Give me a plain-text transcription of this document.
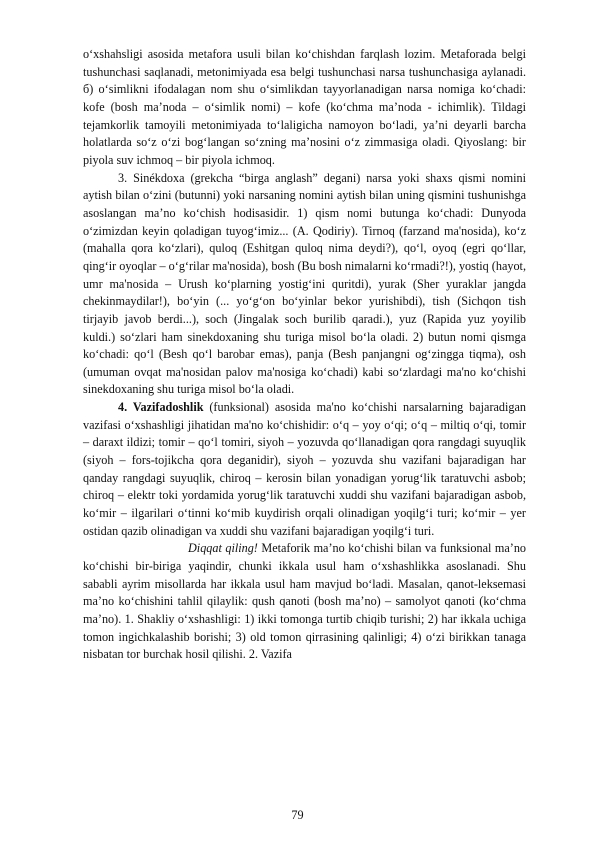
o‘xshahsligi asosida metafora usuli bilan ko‘chishdan farqlash lozim. Metaforada belgi tushunchasi saqlanadi, metonimiyada esa belgi tushunchasi narsa tushunchasiga aylanadi. б) o‘simlikni ifodalagan nom shu o‘simlikdan tayyorlanadigan narsa nomiga ko‘chadi: kofe (bosh ma’noda – o‘simlik nomi) – kofe (ko‘chma ma’noda - ichimlik). Tildagi tejamkorlik tamoyili metonimiyada to‘laligicha namoyon bo‘ladi, ya’ni deyarli barcha holatlarda so‘z o‘zi bog‘langan so‘zning ma’nosini o‘z zimmasiga oladi. Qiyoslang: bir piyola suv ichmoq – bir piyola ichmoq.

3. Sinékdoxa (grekcha “birga anglash” degani) narsa yoki shaxs qismi nomini aytish bilan o‘zini (butunni) yoki narsaning nomini aytish bilan uning qismini tushunishga asoslangan ma’no ko‘chish hodisasidir. 1) qism nomi butunga ko‘chadi: Dunyoda o‘zimizdan keyin qoladigan tuyog‘imiz... (A. Qodiriy). Tirnoq (farzand ma'nosida), ko‘z (mahalla qora ko‘zlari), quloq (Eshitgan quloq nima deydi?), qo‘l, oyoq (egri qo‘llar, qing‘ir oyoqlar – o‘g‘rilar ma'nosida), bosh (Bu bosh nimalarni ko‘rmadi?!), yostiq (hayot, umr ma'nosida – Urush ko‘plarning yostig‘ini quritdi), yurak (Sher yuraklar jangda chekinmaydilar!), bo‘yin (... yo‘g‘on bo‘yinlar bekor yurishibdi), tish (Sichqon tish tirjayib javob berdi...), soch (Jingalak soch burilib qaradi.), yuz (Rapida yuz yoyilib kuldi.) so‘zlari ham sinekdoxaning shu turiga misol bo‘la oladi. 2) butun nomi qismga ko‘chadi: qo‘l (Besh qo‘l barobar emas), panja (Besh panjangni og‘zingga tiqma), osh (umuman ovqat ma'nosidan palov ma'nosiga ko‘chadi) kabi so‘zlardagi ma'no ko‘chishi sinekdoxaning shu turiga misol bo‘la oladi.

4. Vazifadoshlik (funksional) asosida ma'no ko‘chishi narsalarning bajaradigan vazifasi o‘xshashligi jihatidan ma'no ko‘chishidir: o‘q – yoy o‘qi; o‘q – miltiq o‘qi, tomir – daraxt ildizi; tomir – qo‘l tomiri, siyoh – yozuvda qo‘llanadigan qora rangdagi suyuqlik (siyoh – fors-tojikcha qora deganidir), siyoh – yozuvda shu vazifani bajaradigan har qanday rangdagi suyuqlik, chiroq – kerosin bilan yonadigan yorug‘lik taratuvchi asbob; chiroq – elektr toki yordamida yorug‘lik taratuvchi xuddi shu vazifani bajaradigan asbob, ko‘mir – ilgarilari o‘tinni ko‘mib kuydirish orqali olinadigan yoqilg‘i turi; ko‘mir – yer ostidan qazib olinadigan va xuddi shu vazifani bajaradigan yoqilg‘i turi.

Diqqat qiling! Metaforik ma’no ko‘chishi bilan va funksional ma’no ko‘chishi bir-biriga yaqindir, chunki ikkala usul ham o‘xshashlikka asoslanadi. Shu sababli ayrim misollarda har ikkala usul ham mavjud bo‘ladi. Masalan, qanot-leksemasi ma’no ko‘chishini tahlil qilaylik: qush qanoti (bosh ma’no) – samolyot qanoti (ko‘chma ma’no). 1. Shakliy o‘xshashligi: 1) ikki tomonga turtib chiqib turishi; 2) har ikkala uchiga tomon ingichkalashib borishi; 3) old tomon qirrasining qalinligi; 4) o‘zi birikkan tanaga nisbatan tor burchak hosil qilishi. 2. Vazifa

79
